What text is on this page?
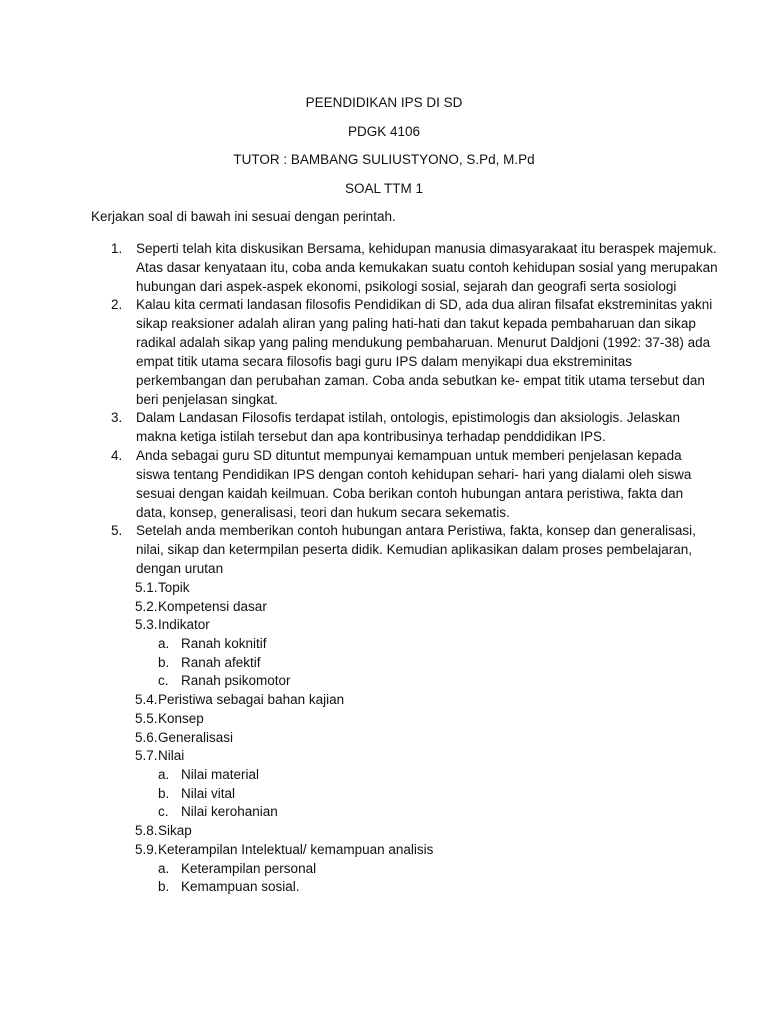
PEENDIDIKAN IPS DI SD
PDGK 4106
TUTOR : BAMBANG SULIUSTYONO, S.Pd, M.Pd
SOAL TTM 1
Kerjakan soal di bawah ini sesuai dengan perintah.
1. Seperti telah kita diskusikan Bersama, kehidupan manusia dimasyarakaat itu beraspek majemuk.
Atas dasar kenyataan itu, coba anda kemukakan suatu contoh kehidupan sosial yang merupakan
hubungan dari aspek-aspek ekonomi, psikologi sosial, sejarah dan geografi serta sosiologi
2. Kalau kita cermati landasan filosofis Pendidikan di SD, ada dua aliran filsafat ekstreminitas yakni
sikap reaksioner adalah aliran yang paling hati-hati dan takut kepada pembaharuan dan sikap
radikal adalah sikap yang paling mendukung pembaharuan. Menurut Daldjoni (1992: 37-38) ada
empat titik utama secara filosofis bagi guru IPS dalam menyikapi dua ekstreminitas
perkembangan dan perubahan zaman. Coba anda sebutkan ke- empat titik utama tersebut dan
beri penjelasan singkat.
3. Dalam Landasan Filosofis terdapat istilah, ontologis, epistimologis dan aksiologis. Jelaskan
makna ketiga istilah tersebut dan apa kontribusinya terhadap penddidikan IPS.
4. Anda sebagai guru SD dituntut mempunyai kemampuan untuk memberi penjelasan kepada
siswa tentang Pendidikan IPS dengan contoh kehidupan sehari- hari yang dialami oleh siswa
sesuai dengan kaidah keilmuan. Coba berikan contoh hubungan antara peristiwa, fakta dan
data, konsep, generalisasi, teori dan hukum secara sekematis.
5. Setelah anda memberikan contoh hubungan antara Peristiwa, fakta, konsep dan generalisasi,
nilai, sikap dan ketermpilan peserta didik. Kemudian aplikasikan dalam proses pembelajaran,
dengan urutan
5.1.Topik
5.2.Kompetensi dasar
5.3.Indikator
a. Ranah koknitif
b. Ranah afektif
c. Ranah psikomotor
5.4.Peristiwa sebagai bahan kajian
5.5.Konsep
5.6.Generalisasi
5.7.Nilai
a. Nilai material
b. Nilai vital
c. Nilai kerohanian
5.8.Sikap
5.9.Keterampilan Intelektual/ kemampuan analisis
a. Keterampilan personal
b. Kemampuan sosial.
